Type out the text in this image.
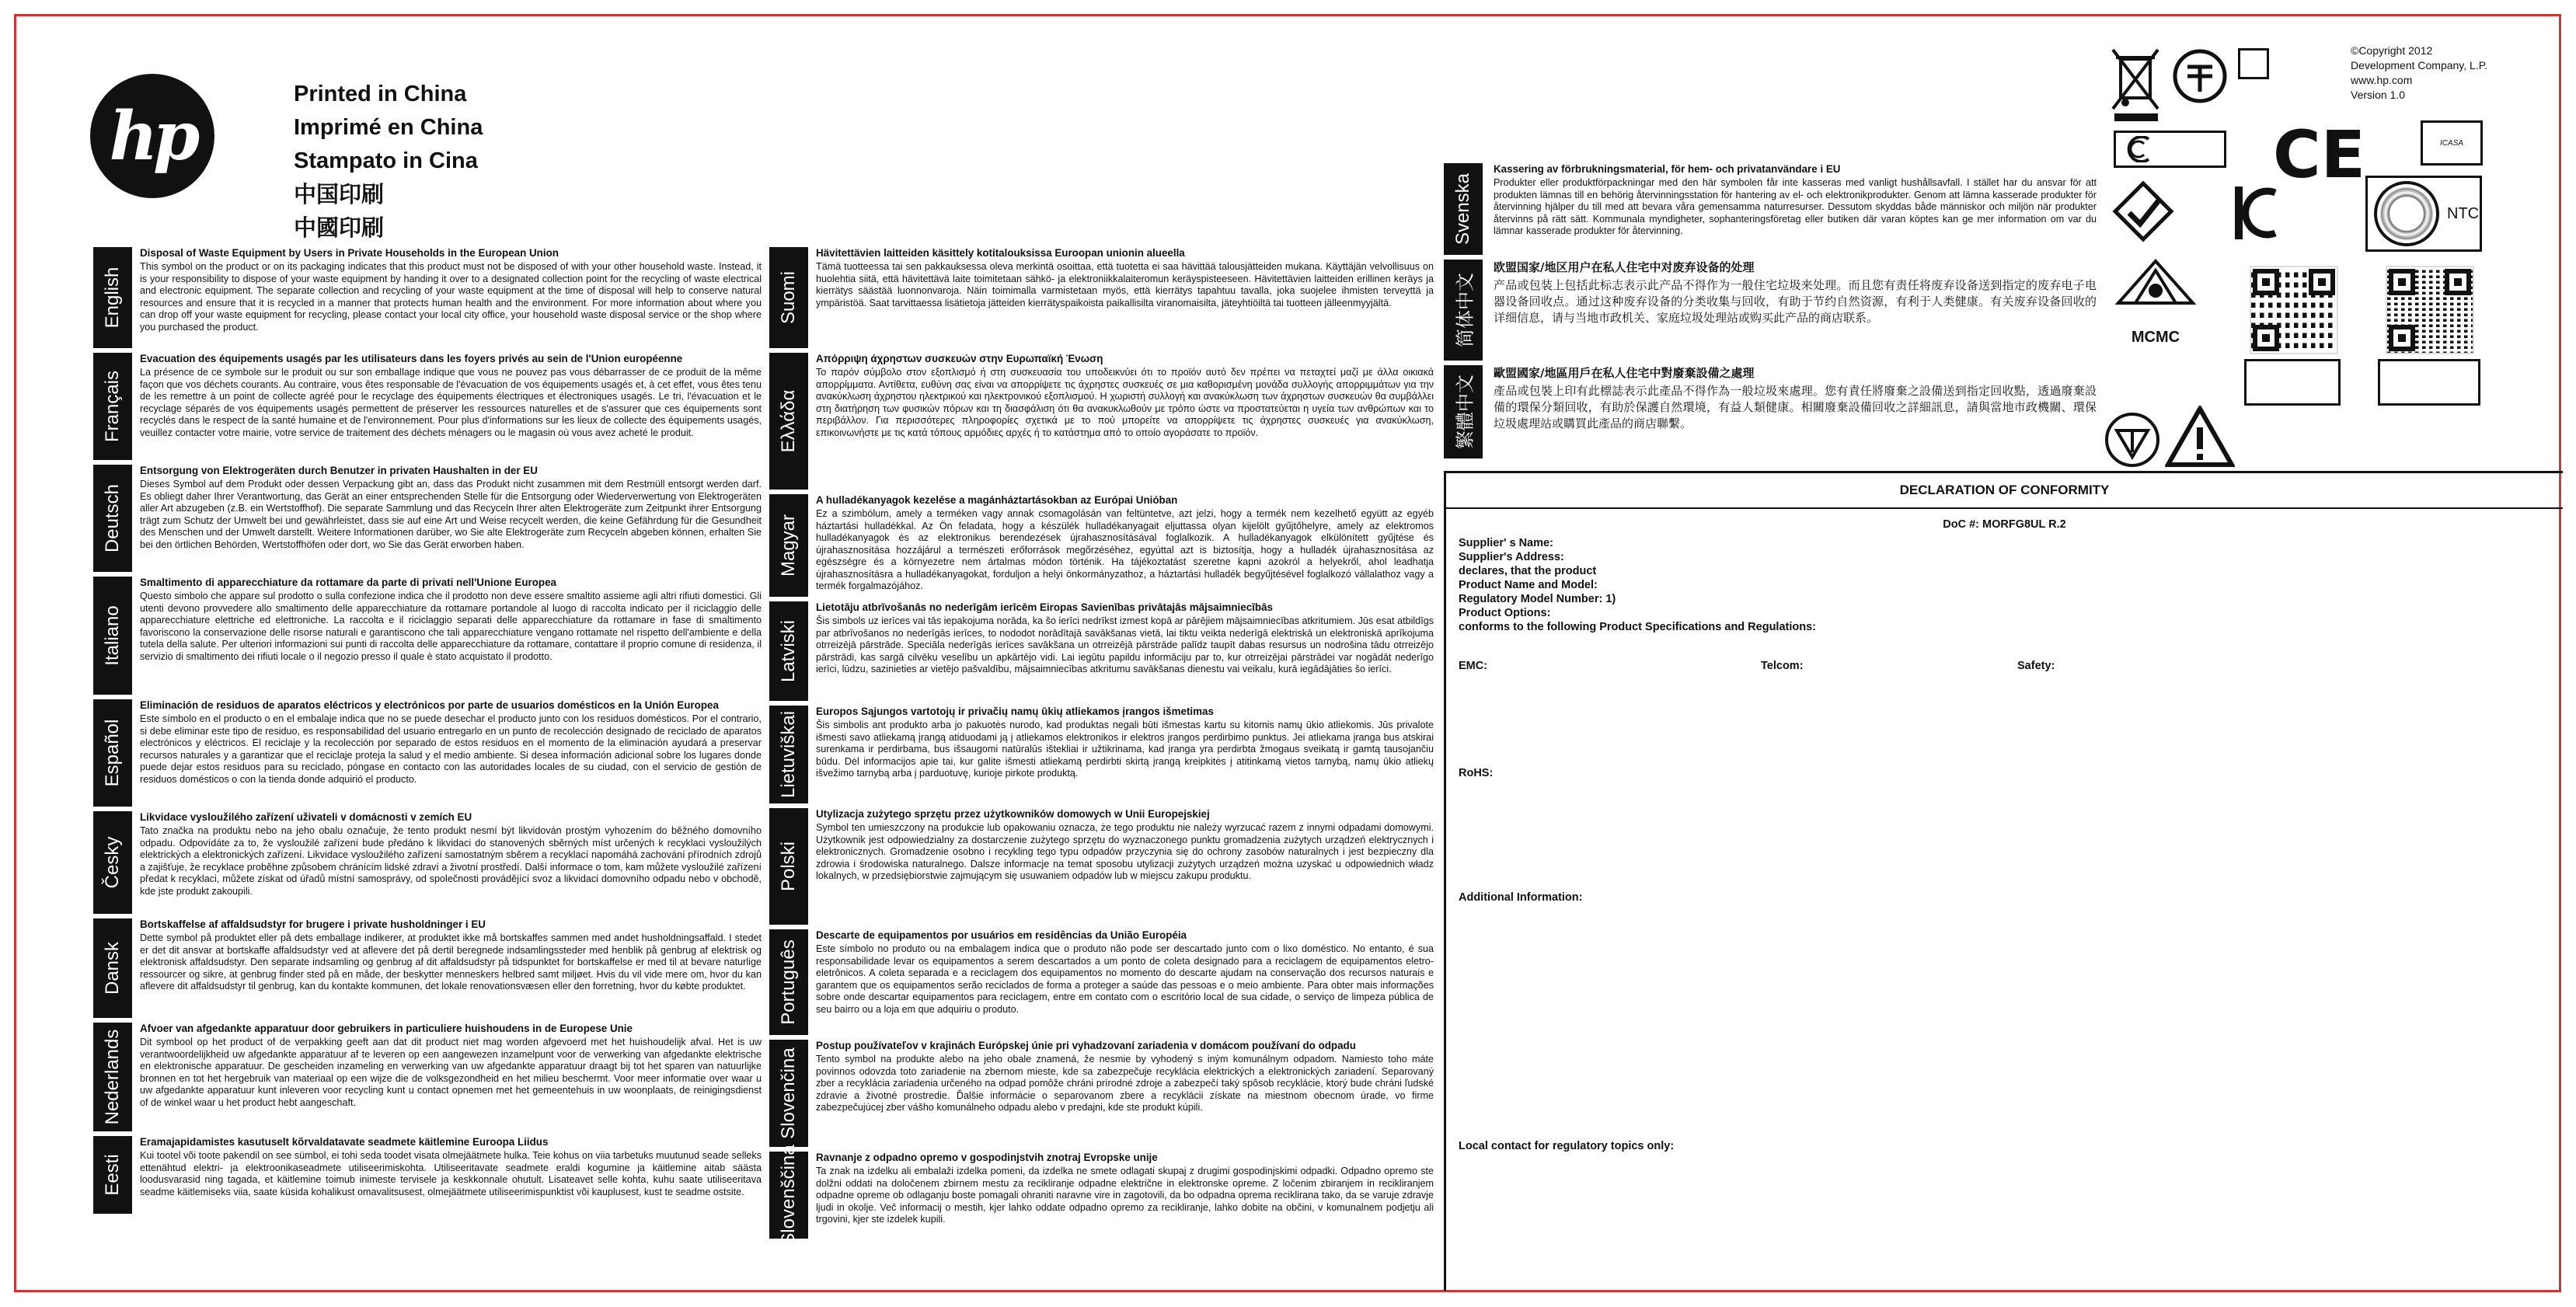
hp
Printed in China
Imprimé en China
Stampato in Cina
中国印刷
中國印刷
English
Disposal of Waste Equipment by Users in Private Households in the European Union

This symbol on the product or on its packaging indicates that this product must not be disposed of with your other household waste. Instead, it is your responsibility to dispose of your waste equipment by handing it over to a designated collection point for the recycling of waste electrical and electronic equipment. The separate collection and recycling of your waste equipment at the time of disposal will help to conserve natural resources and ensure that it is recycled in a manner that protects human health and the environment. For more information about where you can drop off your waste equipment for recycling, please contact your local city office, your household waste disposal service or the shop where you purchased the product.

Français
Evacuation des équipements usagés par les utilisateurs dans les foyers privés au sein de l'Union européenne

La présence de ce symbole sur le produit ou sur son emballage indique que vous ne pouvez pas vous débarrasser de ce produit de la même façon que vos déchets courants. Au contraire, vous êtes responsable de l'évacuation de vos équipements usagés et, à cet effet, vous êtes tenu de les remettre à un point de collecte agréé pour le recyclage des équipements électriques et électroniques usagés. Le tri, l'évacuation et le recyclage séparés de vos équipements usagés permettent de préserver les ressources naturelles et de s'assurer que ces équipements sont recyclés dans le respect de la santé humaine et de l'environnement. Pour plus d'informations sur les lieux de collecte des équipements usagés, veuillez contacter votre mairie, votre service de traitement des déchets ménagers ou le magasin où vous avez acheté le produit.

Deutsch
Entsorgung von Elektrogeräten durch Benutzer in privaten Haushalten in der EU

Dieses Symbol auf dem Produkt oder dessen Verpackung gibt an, dass das Produkt nicht zusammen mit dem Restmüll entsorgt werden darf. Es obliegt daher Ihrer Verantwortung, das Gerät an einer entsprechenden Stelle für die Entsorgung oder Wiederverwertung von Elektrogeräten aller Art abzugeben (z.B. ein Wertstoffhof). Die separate Sammlung und das Recyceln Ihrer alten Elektrogeräte zum Zeitpunkt ihrer Entsorgung trägt zum Schutz der Umwelt bei und gewährleistet, dass sie auf eine Art und Weise recycelt werden, die keine Gefährdung für die Gesundheit des Menschen und der Umwelt darstellt. Weitere Informationen darüber, wo Sie alte Elektrogeräte zum Recyceln abgeben können, erhalten Sie bei den örtlichen Behörden, Wertstoffhöfen oder dort, wo Sie das Gerät erworben haben.

Italiano
Smaltimento di apparecchiature da rottamare da parte di privati nell'Unione Europea

Questo simbolo che appare sul prodotto o sulla confezione indica che il prodotto non deve essere smaltito assieme agli altri rifiuti domestici. Gli utenti devono provvedere allo smaltimento delle apparecchiature da rottamare portandole al luogo di raccolta indicato per il riciclaggio delle apparecchiature elettriche ed elettroniche. La raccolta e il riciclaggio separati delle apparecchiature da rottamare in fase di smaltimento favoriscono la conservazione delle risorse naturali e garantiscono che tali apparecchiature vengano rottamate nel rispetto dell'ambiente e della tutela della salute. Per ulteriori informazioni sui punti di raccolta delle apparecchiature da rottamare, contattare il proprio comune di residenza, il servizio di smaltimento dei rifiuti locale o il negozio presso il quale è stato acquistato il prodotto.

Español
Eliminación de residuos de aparatos eléctricos y electrónicos por parte de usuarios domésticos en la Unión Europea

Este símbolo en el producto o en el embalaje indica que no se puede desechar el producto junto con los residuos domésticos. Por el contrario, si debe eliminar este tipo de residuo, es responsabilidad del usuario entregarlo en un punto de recolección designado de reciclado de aparatos electrónicos y eléctricos. El reciclaje y la recolección por separado de estos residuos en el momento de la eliminación ayudará a preservar recursos naturales y a garantizar que el reciclaje proteja la salud y el medio ambiente. Si desea información adicional sobre los lugares donde puede dejar estos residuos para su reciclado, póngase en contacto con las autoridades locales de su ciudad, con el servicio de gestión de residuos domésticos o con la tienda donde adquirió el producto.

Česky
Likvidace vysloužilého zařízení uživateli v domácnosti v zemích EU

Tato značka na produktu nebo na jeho obalu označuje, že tento produkt nesmí být likvidován prostým vyhozením do běžného domovního odpadu. Odpovídáte za to, že vysloužilé zařízení bude předáno k likvidaci do stanovených sběrných míst určených k recyklaci vysloužilých elektrických a elektronických zařízení. Likvidace vysloužilého zařízení samostatným sběrem a recyklací napomáhá zachování přírodních zdrojů a zajišťuje, že recyklace proběhne způsobem chránícím lidské zdraví a životní prostředí. Další informace o tom, kam můžete vysloužilé zařízení předat k recyklaci, můžete získat od úřadů místní samosprávy, od společnosti provádějící svoz a likvidaci domovního odpadu nebo v obchodě, kde jste produkt zakoupili.

Dansk
Bortskaffelse af affaldsudstyr for brugere i private husholdninger i EU

Dette symbol på produktet eller på dets emballage indikerer, at produktet ikke må bortskaffes sammen med andet husholdningsaffald. I stedet er det dit ansvar at bortskaffe affaldsudstyr ved at aflevere det på dertil beregnede indsamlingssteder med henblik på genbrug af elektrisk og elektronisk affaldsudstyr. Den separate indsamling og genbrug af dit affaldsudstyr på tidspunktet for bortskaffelse er med til at bevare naturlige ressourcer og sikre, at genbrug finder sted på en måde, der beskytter menneskers helbred samt miljøet. Hvis du vil vide mere om, hvor du kan aflevere dit affaldsudstyr til genbrug, kan du kontakte kommunen, det lokale renovationsvæsen eller den forretning, hvor du købte produktet.

Nederlands
Afvoer van afgedankte apparatuur door gebruikers in particuliere huishoudens in de Europese Unie

Dit symbool op het product of de verpakking geeft aan dat dit product niet mag worden afgevoerd met het huishoudelijk afval. Het is uw verantwoordelijkheid uw afgedankte apparatuur af te leveren op een aangewezen inzamelpunt voor de verwerking van afgedankte elektrische en elektronische apparatuur. De gescheiden inzameling en verwerking van uw afgedankte apparatuur draagt bij tot het sparen van natuurlijke bronnen en tot het hergebruik van materiaal op een wijze die de volksgezondheid en het milieu beschermt. Voor meer informatie over waar u uw afgedankte apparatuur kunt inleveren voor recycling kunt u contact opnemen met het gemeentehuis in uw woonplaats, de reinigingsdienst of de winkel waar u het product hebt aangeschaft.

Eesti
Eramajapidamistes kasutuselt kõrvaldatavate seadmete käitlemine Euroopa Liidus

Kui tootel või toote pakendil on see sümbol, ei tohi seda toodet visata olmejäätmete hulka. Teie kohus on viia tarbetuks muutunud seade selleks ettenähtud elektri- ja elektroonikaseadmete utiliseerimiskohta. Utiliseeritavate seadmete eraldi kogumine ja käitlemine aitab säästa loodusvarasid ning tagada, et käitlemine toimub inimeste tervisele ja keskkonnale ohutult. Lisateavet selle kohta, kuhu saate utiliseeritava seadme käitlemiseks viia, saate küsida kohalikust omavalitsusest, olmejäätmete utiliseerimispunktist või kauplusest, kust te seadme ostsite.

Suomi
Hävitettävien laitteiden käsittely kotitalouksissa Euroopan unionin alueella

Tämä tuotteessa tai sen pakkauksessa oleva merkintä osoittaa, että tuotetta ei saa hävittää talousjätteiden mukana. Käyttäjän velvollisuus on huolehtia siitä, että hävitettävä laite toimitetaan sähkö- ja elektroniikkalaiteromun keräyspisteeseen. Hävitettävien laitteiden erillinen keräys ja kierrätys säästää luonnonvaroja. Näin toimimalla varmistetaan myös, että kierrätys tapahtuu tavalla, joka suojelee ihmisten terveyttä ja ympäristöä. Saat tarvittaessa lisätietoja jätteiden kierrätyspaikoista paikallisilta viranomaisilta, jäteyhtiöiltä tai tuotteen jälleenmyyjältä.

Ελλάδα
Απόρριψη άχρηστων συσκευών στην Ευρωπαϊκή Ένωση

Το παρόν σύμβολο στον εξοπλισμό ή στη συσκευασία του υποδεικνύει ότι το προϊόν αυτό δεν πρέπει να πεταχτεί μαζί με άλλα οικιακά απορρίμματα. Αντίθετα, ευθύνη σας είναι να απορρίψετε τις άχρηστες συσκευές σε μια καθορισμένη μονάδα συλλογής απορριμμάτων για την ανακύκλωση άχρηστου ηλεκτρικού και ηλεκτρονικού εξοπλισμού. Η χωριστή συλλογή και ανακύκλωση των άχρηστων συσκευών θα συμβάλλει στη διατήρηση των φυσικών πόρων και τη διασφάλιση ότι θα ανακυκλωθούν με τρόπο ώστε να προστατεύεται η υγεία των ανθρώπων και το περιβάλλον. Για περισσότερες πληροφορίες σχετικά με το πού μπορείτε να απορρίψετε τις άχρηστες συσκευές για ανακύκλωση, επικοινωνήστε με τις κατά τόπους αρμόδιες αρχές ή το κατάστημα από το οποίο αγοράσατε το προϊόν.

Magyar
A hulladékanyagok kezelése a magánháztartásokban az Európai Unióban

Ez a szimbólum, amely a terméken vagy annak csomagolásán van feltüntetve, azt jelzi, hogy a termék nem kezelhető együtt az egyéb háztartási hulladékkal. Az Ön feladata, hogy a készülék hulladékanyagait eljuttassa olyan kijelölt gyűjtőhelyre, amely az elektromos hulladékanyagok és az elektronikus berendezések újrahasznosításával foglalkozik. A hulladékanyagok elkülönített gyűjtése és újrahasznosítása hozzájárul a természeti erőforrások megőrzéséhez, egyúttal azt is biztosítja, hogy a hulladék újrahasznosítása az egészségre és a környezetre nem ártalmas módon történik. Ha tájékoztatást szeretne kapni azokról a helyekről, ahol leadhatja újrahasznosításra a hulladékanyagokat, forduljon a helyi önkormányzathoz, a háztartási hulladék begyűjtésével foglalkozó vállalathoz vagy a termék forgalmazójához.

Latviski
Lietotāju atbrīvošanās no nederīgām ierīcēm Eiropas Savienības privātajās mājsaimniecībās

Šis simbols uz ierīces vai tās iepakojuma norāda, ka šo ierīci nedrīkst izmest kopā ar pārējiem mājsaimniecības atkritumiem. Jūs esat atbildīgs par atbrīvošanos no nederīgās ierīces, to nododot norādītajā savākšanas vietā, lai tiktu veikta nederīgā elektriskā un elektroniskā aprīkojuma otrreizējā pārstrāde. Speciāla nederīgās ierīces savākšana un otrreizējā pārstrāde palīdz taupīt dabas resursus un nodrošina tādu otrreizējo pārstrādi, kas sargā cilvēku veselību un apkārtējo vidi. Lai iegūtu papildu informāciju par to, kur otrreizējai pārstrādei var nogādāt nederīgo ierīci, lūdzu, sazinieties ar vietējo pašvaldību, mājsaimniecības atkritumu savākšanas dienestu vai veikalu, kurā iegādājāties šo ierīci.

Lietuviškai Europos Sąjungos vartotojų ir privačių namų ūkių atliekamos įrangos išmetimas

Šis simbolis ant produkto arba jo pakuotės nurodo, kad produktas negali būti išmestas kartu su kitomis namų ūkio atliekomis. Jūs privalote išmesti savo atliekamą įrangą atiduodami ją į atliekamos elektronikos ir elektros įrangos perdirbimo punktus. Jei atliekama įranga bus atskirai surenkama ir perdirbama, bus išsaugomi natūralūs ištekliai ir užtikrinama, kad įranga yra perdirbta žmogaus sveikatą ir gamtą tausojančiu būdu. Dėl informacijos apie tai, kur galite išmesti atliekamą perdirbti skirtą įrangą kreipkitės į atitinkamą vietos tarnybą, namų ūkio atliekų išvežimo tarnybą arba į parduotuvę, kurioje pirkote produktą.

Polski
Utylizacja zużytego sprzętu przez użytkowników domowych w Unii Europejskiej

Symbol ten umieszczony na produkcie lub opakowaniu oznacza, że tego produktu nie należy wyrzucać razem z innymi odpadami domowymi. Użytkownik jest odpowiedzialny za dostarczenie zużytego sprzętu do wyznaczonego punktu gromadzenia zużytych urządzeń elektrycznych i elektronicznych. Gromadzenie osobno i recykling tego typu odpadów przyczynia się do ochrony zasobów naturalnych i jest bezpieczny dla zdrowia i środowiska naturalnego. Dalsze informacje na temat sposobu utylizacji zużytych urządzeń można uzyskać u odpowiednich władz lokalnych, w przedsiębiorstwie zajmującym się usuwaniem odpadów lub w miejscu zakupu produktu.

Português
Descarte de equipamentos por usuários em residências da União Européia

Este símbolo no produto ou na embalagem indica que o produto não pode ser descartado junto com o lixo doméstico. No entanto, é sua responsabilidade levar os equipamentos a serem descartados a um ponto de coleta designado para a reciclagem de equipamentos eletro-eletrônicos. A coleta separada e a reciclagem dos equipamentos no momento do descarte ajudam na conservação dos recursos naturais e garantem que os equipamentos serão reciclados de forma a proteger a saúde das pessoas e o meio ambiente. Para obter mais informações sobre onde descartar equipamentos para reciclagem, entre em contato com o escritório local de sua cidade, o serviço de limpeza pública de seu bairro ou a loja em que adquiriu o produto.

Slovenčina
Postup používateľov v krajinách Európskej únie pri vyhadzovaní zariadenia v domácom používaní do odpadu

Tento symbol na produkte alebo na jeho obale znamená, že nesmie by vyhodený s iným komunálnym odpadom. Namiesto toho máte povinnos odovzda toto zariadenie na zbernom mieste, kde sa zabezpečuje recyklácia elektrických a elektronických zariadení. Separovaný zber a recyklácia zariadenia určeného na odpad pomôže chráni prírodné zdroje a zabezpečí taký spôsob recyklácie, ktorý bude chráni ľudské zdravie a životné prostredie. Ďalšie informácie o separovanom zbere a recyklácii získate na miestnom obecnom úrade, vo firme zabezpečujúcej zber vášho komunálneho odpadu alebo v predajni, kde ste produkt kúpili.

Slovenščina Ravnanje z odpadno opremo v gospodinjstvih znotraj Evropske unije

Ta znak na izdelku ali embalaži izdelka pomeni, da izdelka ne smete odlagati skupaj z drugimi gospodinjskimi odpadki. Odpadno opremo ste dolžni oddati na določenem zbirnem mestu za recikliranje odpadne električne in elektronske opreme. Z ločenim zbiranjem in recikliranjem odpadne opreme ob odlaganju boste pomagali ohraniti naravne vire in zagotovili, da bo odpadna oprema reciklirana tako, da se varuje zdravje ljudi in okolje. Več informacij o mestih, kjer lahko oddate odpadno opremo za recikliranje, lahko dobite na občini, v komunalnem podjetju ali trgovini, kjer ste izdelek kupili.

Svenska
Kassering av förbrukningsmaterial, för hem- och privatanvändare i EU

Produkter eller produktförpackningar med den här symbolen får inte kasseras med vanligt hushållsavfall. I stället har du ansvar för att produkten lämnas till en behörig återvinningsstation för hantering av el- och elektronikprodukter. Genom att lämna kasserade produkter för återvinning hjälper du till med att bevara våra gemensamma naturresurser. Dessutom skyddas både människor och miljön när produkter återvinns på rätt sätt. Kommunala myndigheter, sophanteringsföretag eller butiken där varan köptes kan ge mer information om var du lämnar kasserade produkter för återvinning.

简体中文
欧盟国家/地区用户在私人住宅中对废弃设备的处理

产品或包装上包括此标志表示此产品不得作为一般住宅垃圾来处理。而且您有责任将废弃设备送到指定的废弃电子电器设备回收点。通过这种废弃设备的分类收集与回收，有助于节约自然资源，有利于人类健康。有关废弃设备回收的详细信息，请与当地市政机关、家庭垃圾处理站或购买此产品的商店联系。

繁體中文
歐盟國家/地區用戶在私人住宅中對廢棄設備之處理

產品或包裝上印有此標誌表示此產品不得作為一般垃圾來處理。您有責任將廢棄之設備送到指定回收點，透過廢棄設備的環保分類回收，有助於保護自然環境，有益人類健康。相關廢棄設備回收之詳細訊息，請與當地市政機關、環保垃圾處理站或購買此產品的商店聯繫。

©Copyright 2012
Development Company, L.P.
www.hp.com
Version 1.0
CE	ICASA
NTC
MCMC
DECLARATION OF CONFORMITY
DoC #: MORFG8UL R.2
Supplier' s Name:
Supplier's Address:
declares, that the product
Product Name and Model:
Regulatory Model Number: 1)
Product Options:
conforms to the following Product Specifications and Regulations:
EMC:	Telcom:	Safety:
RoHS:
Additional Information:
Local contact for regulatory topics only:
